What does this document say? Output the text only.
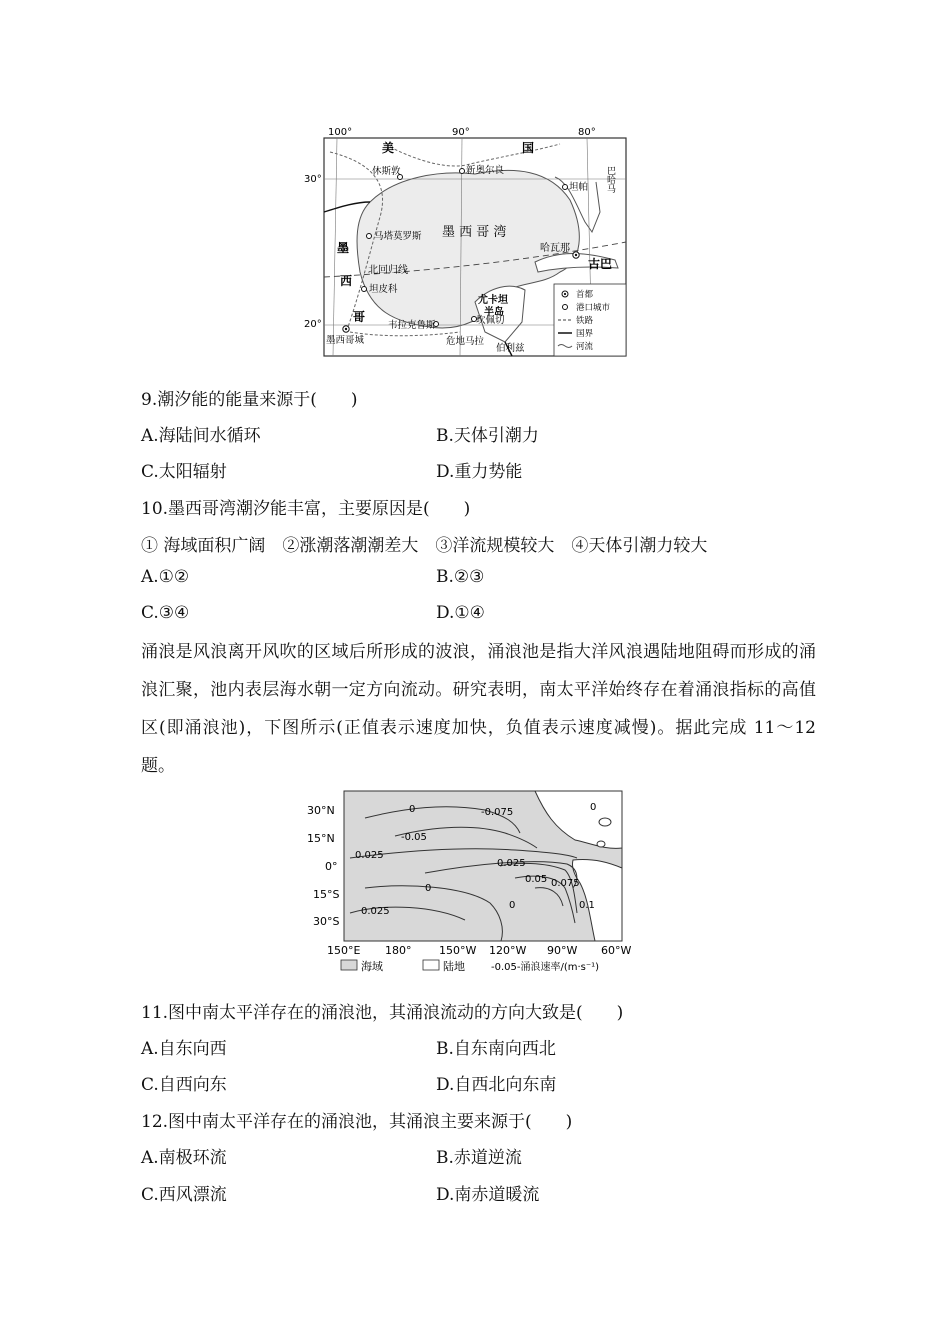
100°	90°	80°
30°
20°
美	国
墨
西
哥
古巴
巴哈马
墨 西 哥 湾
北回归线
尤卡坦
半岛
休斯敦	新奥尔良
坦帕
马塔莫罗斯
哈瓦那
坦皮科
韦拉克鲁斯
墨西哥城
坎佩切
危地马拉
伯利兹
首都
港口城市
铁路
国界
河流
9.潮汐能的能量来源于(　　)
A.海陆间水循环	B.天体引潮力
C.太阳辐射	D.重力势能
10.墨西哥湾潮汐能丰富，主要原因是(　　)
① 海域面积广阔　②涨潮落潮潮差大　③洋流规模较大　④天体引潮力较大
A.①②	B.②③
C.③④	D.①④
涌浪是风浪离开风吹的区域后所形成的波浪，涌浪池是指大洋风浪遇陆地阻碍而形成的涌浪汇聚，池内表层海水朝一定方向流动。研究表明，南太平洋始终存在着涌浪指标的高值区(即涌浪池)，下图所示(正值表示速度加快，负值表示速度减慢)。据此完成 11～12 题。
30°N
15°N
0°
15°S
30°S
0	-0.075
-0.05
0.025
0.025
0.05 0.075
0.1
0
0
0.025
0
150°E 180°	150°W 120°W 90°W 60°W
海域	陆地	-0.05-涌浪速率/(m·s⁻¹)
11.图中南太平洋存在的涌浪池，其涌浪流动的方向大致是(　　)
A.自东向西	B.自东南向西北
C.自西向东	D.自西北向东南
12.图中南太平洋存在的涌浪池，其涌浪主要来源于(　　)
A.南极环流	B.赤道逆流
C.西风漂流	D.南赤道暖流
